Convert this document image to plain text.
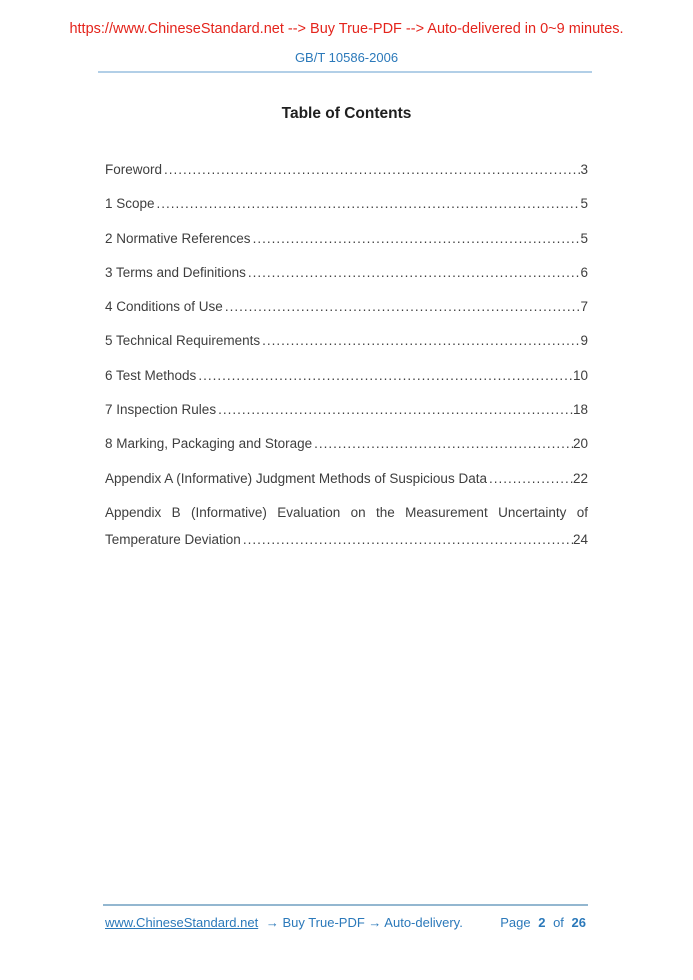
https://www.ChineseStandard.net --> Buy True-PDF --> Auto-delivered in 0~9 minutes.
GB/T 10586-2006
Table of Contents
Foreword .....	3
1 Scope .....	5
2 Normative References .....	5
3 Terms and Definitions .....	6
4 Conditions of Use .....	7
5 Technical Requirements .....	9
6 Test Methods .....	10
7 Inspection Rules .....	18
8 Marking, Packaging and Storage .....	20
Appendix A (Informative) Judgment Methods of Suspicious Data .....	22
Appendix B (Informative) Evaluation on the Measurement Uncertainty of
Temperature Deviation .....	24
www.ChineseStandard.net → Buy True-PDF → Auto-delivery.	Page 2 of 26
